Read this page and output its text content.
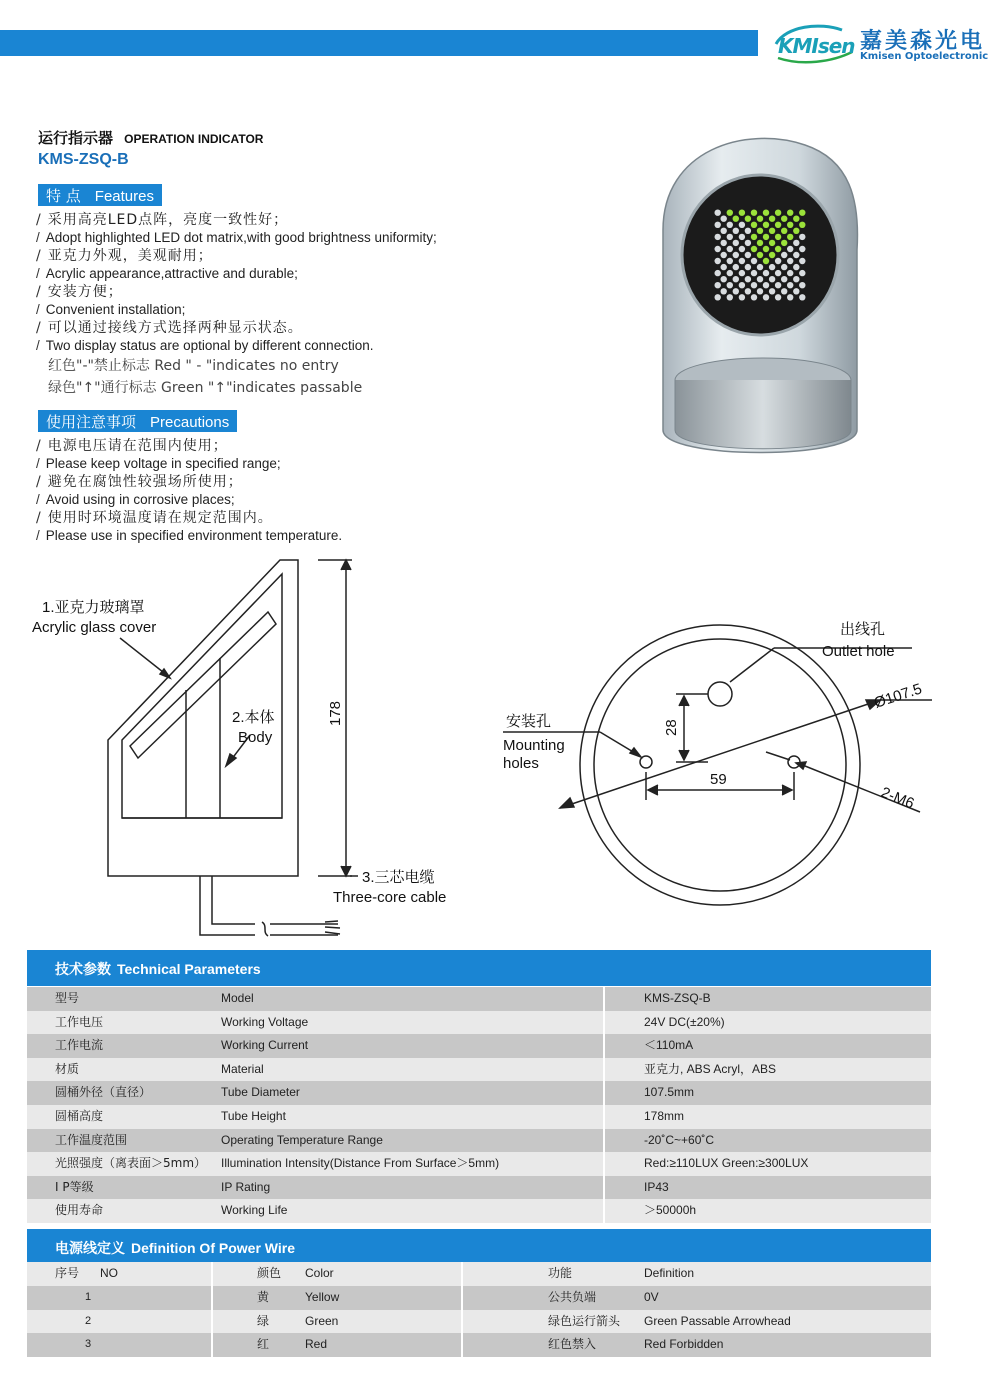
KMIsen 嘉美森光电
Kmisen Optoelectronic
运行指示器 OPERATION INDICATOR
KMS-ZSQ-B
特 点 Features
/ 采用高亮LED点阵，亮度一致性好；
/ Adopt highlighted LED dot matrix,with good brightness uniformity;
/ 亚克力外观，美观耐用；
/ Acrylic appearance,attractive and durable;
/ 安装方便；
/ Convenient installation;
/ 可以通过接线方式选择两种显示状态。
/ Two display status are optional by different connection.
红色"-"禁止标志 Red " - "indicates no entry
绿色"↑"通行标志 Green "↑"indicates passable
使用注意事项 Precautions
/ 电源电压请在范围内使用；
/ Please keep voltage in specified range;
/ 避免在腐蚀性较强场所使用；
/ Avoid using in corrosive places;
/ 使用时环境温度请在规定范围内。
/ Please use in specified environment temperature.
1.亚克力玻璃罩
Acrylic glass cover
2.本体
Body
3.三芯电缆
Three-core cable
178
出线孔
Outlet hole
安装孔
Mounting
holes
Ø107.5
28
59
2-M6
技术参数 Technical Parameters
型号	Model	KMS-ZSQ-B
工作电压	Working Voltage	24V DC(±20%)
工作电流	Working Current	＜110mA
材质	Material	亚克力, ABS Acryl，ABS
圆桶外径（直径）	Tube Diameter	107.5mm
圆桶高度	Tube Height	178mm
工作温度范围	Operating Temperature Range	-20˚C~+60˚C
光照强度（离表面＞5mm） Illumination Intensity(Distance From Surface＞5mm)	Red:≥110LUX Green:≥300LUX
I P等级	IP Rating	IP43
使用寿命	Working Life	＞50000h
电源线定义 Definition Of Power Wire
序号 NO	颜色 Color	功能	Definition
1	黄	Yellow	公共负端	0V
2	绿	Green	绿色运行箭头 Green Passable Arrowhead
3	红	Red	红色禁入	Red Forbidden
